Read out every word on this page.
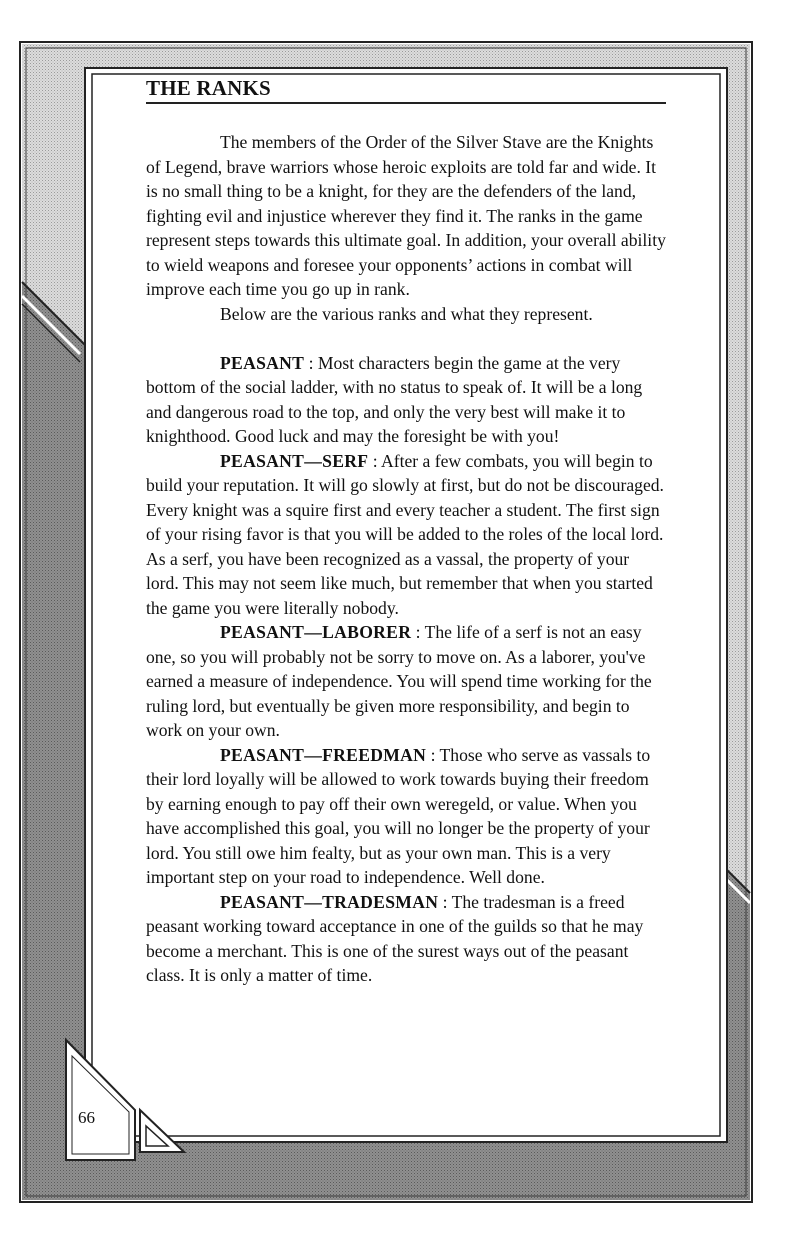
THE RANKS

The members of the Order of the Silver Stave are the Knights of Legend, brave warriors whose heroic exploits are told far and wide. It is no small thing to be a knight, for they are the defenders of the land, fighting evil and injustice wherever they find it. The ranks in the game represent steps towards this ultimate goal. In addition, your overall ability to wield weapons and foresee your opponents’ actions in combat will improve each time you go up in rank.

Below are the various ranks and what they represent.

PEASANT : Most characters begin the game at the very bottom of the social ladder, with no status to speak of. It will be a long and dangerous road to the top, and only the very best will make it to knighthood. Good luck and may the foresight be with you!

PEASANT—SERF : After a few combats, you will begin to build your reputation. It will go slowly at first, but do not be discouraged. Every knight was a squire first and every teacher a student. The first sign of your rising favor is that you will be added to the roles of the local lord. As a serf, you have been recognized as a vassal, the property of your lord. This may not seem like much, but remember that when you started the game you were literally nobody.

PEASANT—LABORER : The life of a serf is not an easy one, so you will probably not be sorry to move on. As a laborer, you've earned a measure of independence. You will spend time working for the ruling lord, but eventually be given more responsibility, and begin to work on your own.

PEASANT—FREEDMAN : Those who serve as vassals to their lord loyally will be allowed to work towards buying their freedom by earning enough to pay off their own weregeld, or value. When you have accomplished this goal, you will no longer be the property of your lord. You still owe him fealty, but as your own man. This is a very important step on your road to independence. Well done.

PEASANT—TRADESMAN : The tradesman is a freed peasant working toward acceptance in one of the guilds so that he may become a merchant. This is one of the surest ways out of the peasant class. It is only a matter of time.

66
